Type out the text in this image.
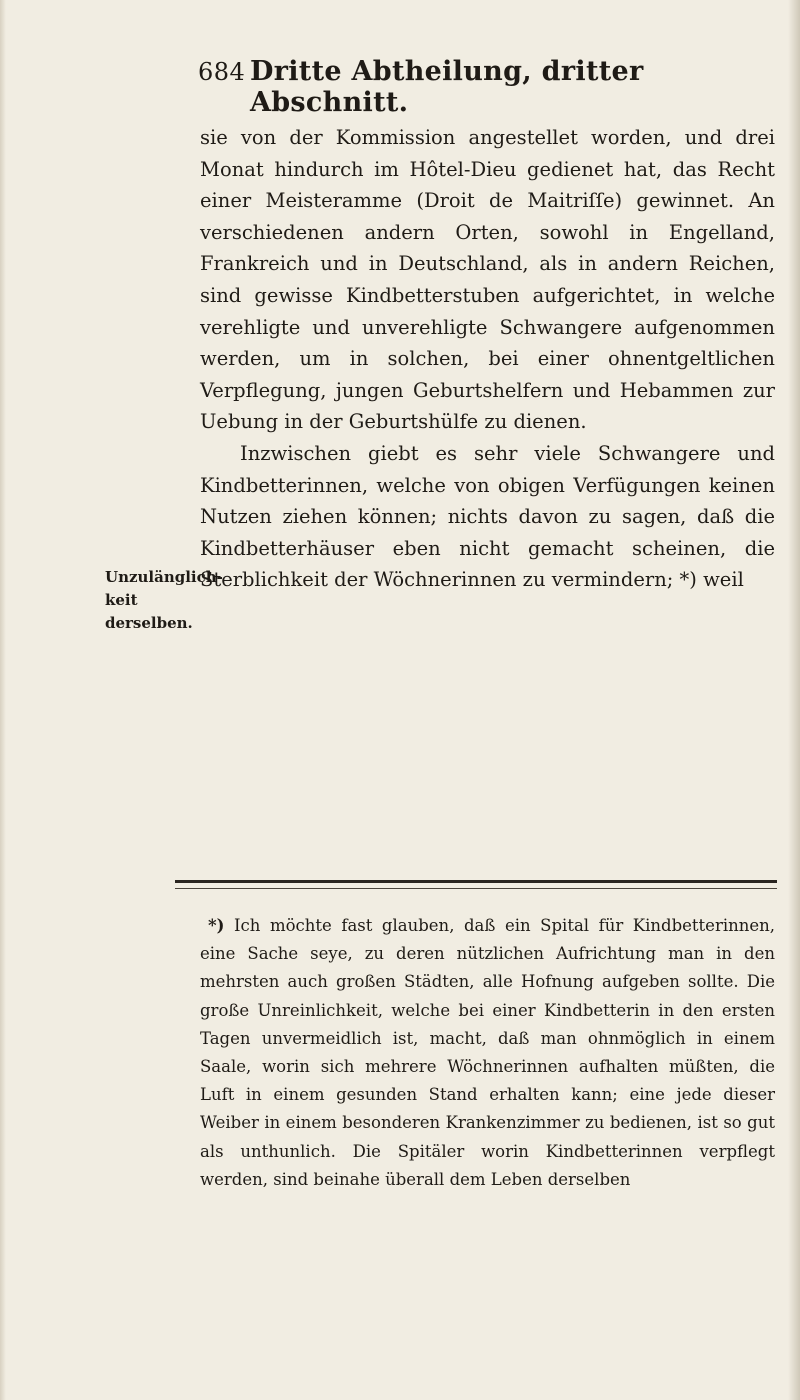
684 Dritte Abtheilung, dritter Abschnitt.

sie von der Kommission angestellet worden, und drei Monat hindurch im Hôtel-Dieu gedienet hat, das Recht einer Meisteramme (Droit de Maitriſſe) gewinnet. An verschiedenen andern Orten, sowohl in Engelland, Frankreich und in Deutschland, als in andern Reichen, sind gewisse Kindbetterstuben aufgerichtet, in welche verehligte und unverehligte Schwangere aufgenommen werden, um in solchen, bei einer ohnentgeltlichen Verpflegung, jungen Geburtshelfern und Hebammen zur Uebung in der Geburtshülfe zu dienen.

Inzwischen giebt es sehr viele Schwangere und Kindbetterinnen, welche von obigen Verfügungen keinen Nutzen ziehen können; nichts davon zu sagen, daß die Kindbetterhäuser eben nicht gemacht scheinen, die Sterblichkeit der Wöchnerinnen zu vermindern; *) weil

Unzulänglich-keit derselben.

*) Ich möchte fast glauben, daß ein Spital für Kindbetterinnen, eine Sache seye, zu deren nützlichen Aufrichtung man in den mehrsten auch großen Städten, alle Hofnung aufgeben sollte. Die große Unreinlichkeit, welche bei einer Kindbetterin in den ersten Tagen unvermeidlich ist, macht, daß man ohnmöglich in einem Saale, worin sich mehrere Wöchnerinnen aufhalten müßten, die Luft in einem gesunden Stand erhalten kann; eine jede dieser Weiber in einem besonderen Krankenzimmer zu bedienen, ist so gut als unthunlich. Die Spitäler worin Kindbetterinnen verpflegt werden, sind beinahe überall dem Leben derselben
